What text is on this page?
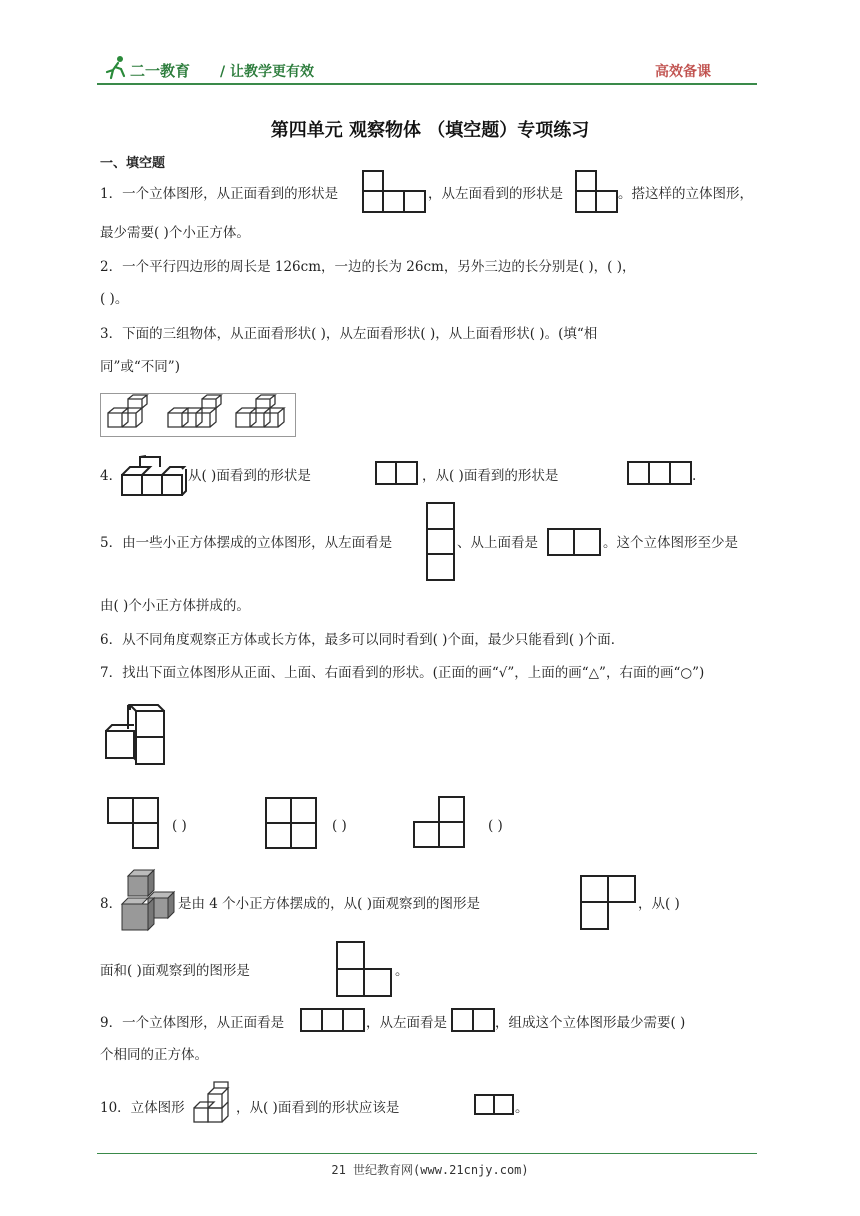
二一教育 / 让教学更有效	高效备课
第四单元 观察物体 （填空题）专项练习
一、填空题
1．一个立体图形，从正面看到的形状是	，从左面看到的形状是	。搭这样的立体图形，
最少需要( )个小正方体。
2．一个平行四边形的周长是 126cm，一边的长为 26cm，另外三边的长分别是( )，( )，
( )。
3．下面的三组物体，从正面看形状( )，从左面看形状( )，从上面看形状( )。(填“相
同”或“不同”)
4．	从( )面看到的形状是	，从( )面看到的形状是	.
5．由一些小正方体摆成的立体图形，从左面看是	、从上面看是	。这个立体图形至少是
由( )个小正方体拼成的。
6．从不同角度观察正方体或长方体，最多可以同时看到( )个面，最少只能看到( )个面．
7．找出下面立体图形从正面、上面、右面看到的形状。(正面的画“√”，上面的画“△”，右面的画“○”)
( )	( )	( )
8．	是由 4 个小正方体摆成的，从( )面观察到的图形是	，从( )
面和( )面观察到的图形是	。
9．一个立体图形，从正面看是	，从左面看是	，组成这个立体图形最少需要( )
个相同的正方体。
10．立体图形	，从( )面看到的形状应该是	。
21 世纪教育网(www.21cnjy.com)
